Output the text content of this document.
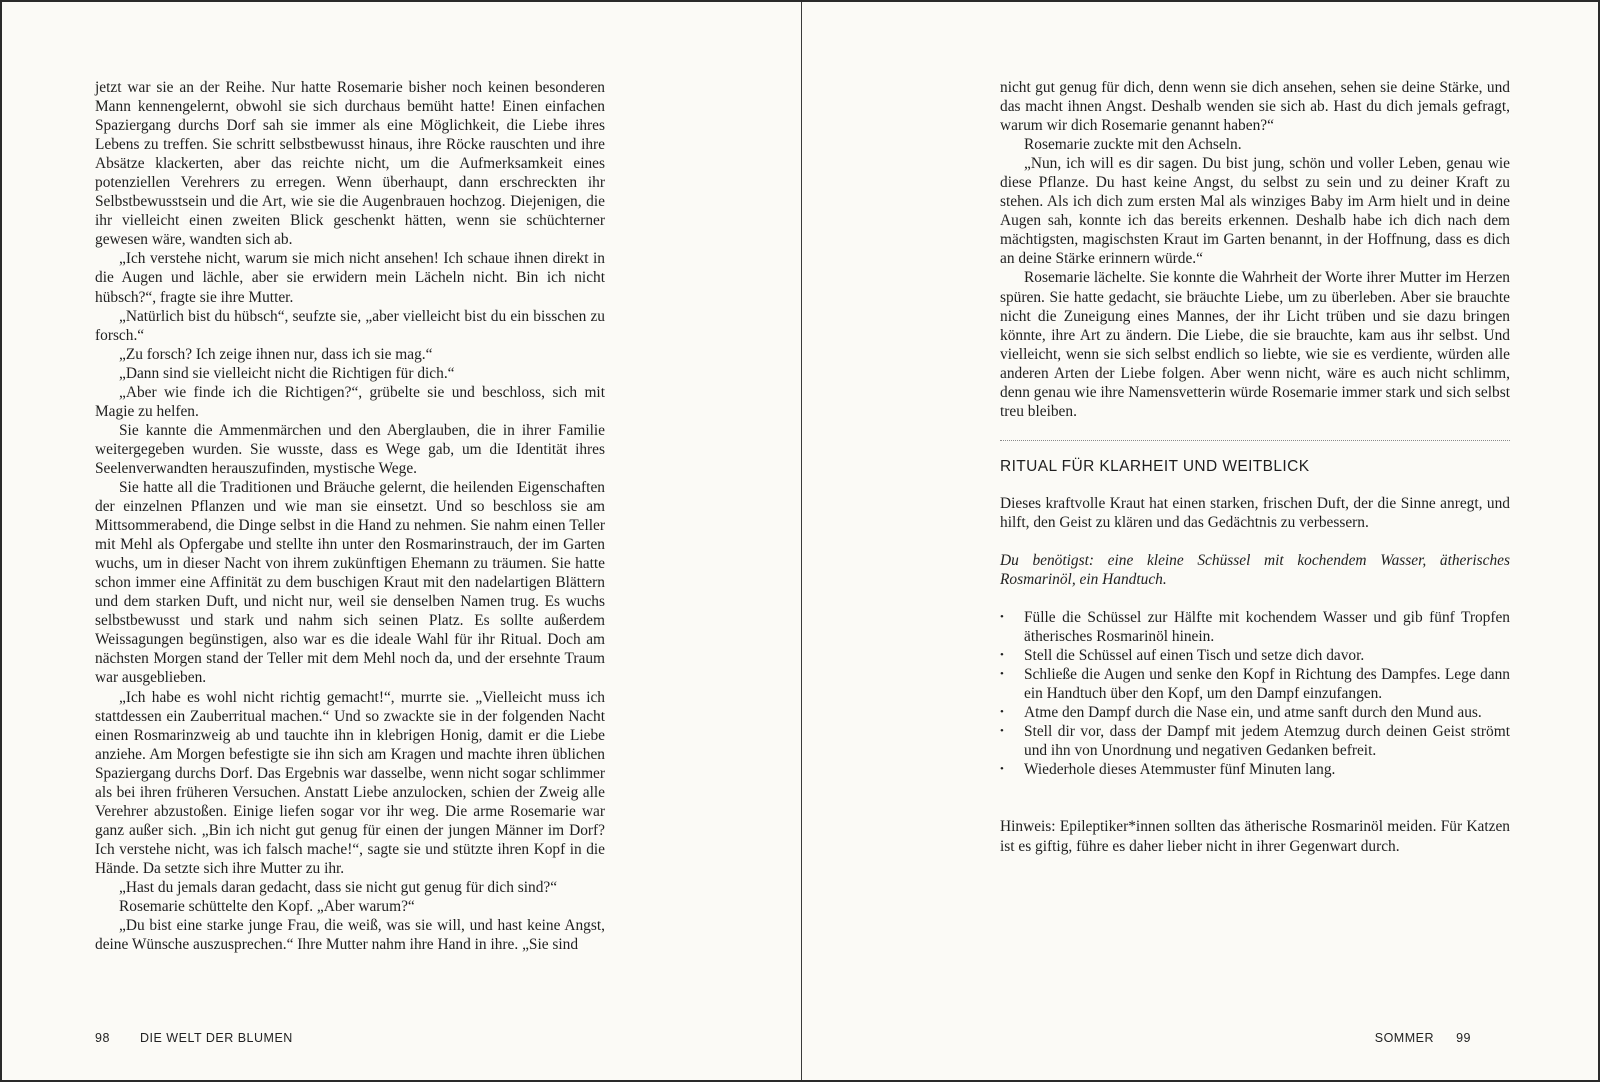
jetzt war sie an der Reihe. Nur hatte Rosemarie bisher noch keinen besonderen Mann kennengelernt, obwohl sie sich durchaus bemüht hatte! Einen einfachen Spaziergang durchs Dorf sah sie immer als eine Möglichkeit, die Liebe ihres Lebens zu treffen. Sie schritt selbstbewusst hinaus, ihre Röcke rauschten und ihre Absätze klackerten, aber das reichte nicht, um die Aufmerksamkeit eines potenziellen Verehrers zu erregen. Wenn überhaupt, dann erschreckten ihr Selbstbewusstsein und die Art, wie sie die Augenbrauen hochzog. Diejenigen, die ihr vielleicht einen zweiten Blick geschenkt hätten, wenn sie schüchterner gewesen wäre, wandten sich ab.

„Ich verstehe nicht, warum sie mich nicht ansehen! Ich schaue ihnen direkt in die Augen und lächle, aber sie erwidern mein Lächeln nicht. Bin ich nicht hübsch?“, fragte sie ihre Mutter.

„Natürlich bist du hübsch“, seufzte sie, „aber vielleicht bist du ein bisschen zu forsch.“

„Zu forsch? Ich zeige ihnen nur, dass ich sie mag.“

„Dann sind sie vielleicht nicht die Richtigen für dich.“

„Aber wie finde ich die Richtigen?“, grübelte sie und beschloss, sich mit Magie zu helfen.

Sie kannte die Ammenmärchen und den Aberglauben, die in ihrer Familie weitergegeben wurden. Sie wusste, dass es Wege gab, um die Identität ihres Seelenverwandten herauszufinden, mystische Wege.

Sie hatte all die Traditionen und Bräuche gelernt, die heilenden Eigenschaften der einzelnen Pflanzen und wie man sie einsetzt. Und so beschloss sie am Mittsommerabend, die Dinge selbst in die Hand zu nehmen. Sie nahm einen Teller mit Mehl als Opfergabe und stellte ihn unter den Rosmarinstrauch, der im Garten wuchs, um in dieser Nacht von ihrem zukünftigen Ehemann zu träumen. Sie hatte schon immer eine Affinität zu dem buschigen Kraut mit den nadelartigen Blättern und dem starken Duft, und nicht nur, weil sie denselben Namen trug. Es wuchs selbstbewusst und stark und nahm sich seinen Platz. Es sollte außerdem Weissagungen begünstigen, also war es die ideale Wahl für ihr Ritual. Doch am nächsten Morgen stand der Teller mit dem Mehl noch da, und der ersehnte Traum war ausgeblieben.

„Ich habe es wohl nicht richtig gemacht!“, murrte sie. „Vielleicht muss ich stattdessen ein Zauberritual machen.“ Und so zwackte sie in der folgenden Nacht einen Rosmarinzweig ab und tauchte ihn in klebrigen Honig, damit er die Liebe anziehe. Am Morgen befestigte sie ihn sich am Kragen und machte ihren üblichen Spaziergang durchs Dorf. Das Ergebnis war dasselbe, wenn nicht sogar schlimmer als bei ihren früheren Versuchen. Anstatt Liebe anzulocken, schien der Zweig alle Verehrer abzustoßen. Einige liefen sogar vor ihr weg. Die arme Rosemarie war ganz außer sich. „Bin ich nicht gut genug für einen der jungen Männer im Dorf? Ich verstehe nicht, was ich falsch mache!“, sagte sie und stützte ihren Kopf in die Hände. Da setzte sich ihre Mutter zu ihr.

„Hast du jemals daran gedacht, dass sie nicht gut genug für dich sind?“

Rosemarie schüttelte den Kopf. „Aber warum?“

„Du bist eine starke junge Frau, die weiß, was sie will, und hast keine Angst, deine Wünsche auszusprechen.“ Ihre Mutter nahm ihre Hand in ihre. „Sie sind

98 DIE WELT DER BLUMEN

nicht gut genug für dich, denn wenn sie dich ansehen, sehen sie deine Stärke, und das macht ihnen Angst. Deshalb wenden sie sich ab. Hast du dich jemals gefragt, warum wir dich Rosemarie genannt haben?“

Rosemarie zuckte mit den Achseln.

„Nun, ich will es dir sagen. Du bist jung, schön und voller Leben, genau wie diese Pflanze. Du hast keine Angst, du selbst zu sein und zu deiner Kraft zu stehen. Als ich dich zum ersten Mal als winziges Baby im Arm hielt und in deine Augen sah, konnte ich das bereits erkennen. Deshalb habe ich dich nach dem mächtigsten, magischsten Kraut im Garten benannt, in der Hoffnung, dass es dich an deine Stärke erinnern würde.“

Rosemarie lächelte. Sie konnte die Wahrheit der Worte ihrer Mutter im Herzen spüren. Sie hatte gedacht, sie bräuchte Liebe, um zu überleben. Aber sie brauchte nicht die Zuneigung eines Mannes, der ihr Licht trüben und sie dazu bringen könnte, ihre Art zu ändern. Die Liebe, die sie brauchte, kam aus ihr selbst. Und vielleicht, wenn sie sich selbst endlich so liebte, wie sie es verdiente, würden alle anderen Arten der Liebe folgen. Aber wenn nicht, wäre es auch nicht schlimm, denn genau wie ihre Namensvetterin würde Rosemarie immer stark und sich selbst treu bleiben.

RITUAL FÜR KLARHEIT UND WEITBLICK

Dieses kraftvolle Kraut hat einen starken, frischen Duft, der die Sinne anregt, und hilft, den Geist zu klären und das Gedächtnis zu verbessern.

Du benötigst: eine kleine Schüssel mit kochendem Wasser, ätherisches Rosmarinöl, ein Handtuch.

• Fülle die Schüssel zur Hälfte mit kochendem Wasser und gib fünf Tropfen ätherisches Rosmarinöl hinein.
• Stell die Schüssel auf einen Tisch und setze dich davor.
• Schließe die Augen und senke den Kopf in Richtung des Dampfes. Lege dann ein Handtuch über den Kopf, um den Dampf einzufangen.
• Atme den Dampf durch die Nase ein, und atme sanft durch den Mund aus.
• Stell dir vor, dass der Dampf mit jedem Atemzug durch deinen Geist strömt und ihn von Unordnung und negativen Gedanken befreit.
• Wiederhole dieses Atemmuster fünf Minuten lang.

Hinweis: Epileptiker*innen sollten das ätherische Rosmarinöl meiden. Für Katzen ist es giftig, führe es daher lieber nicht in ihrer Gegenwart durch.

SOMMER 99
